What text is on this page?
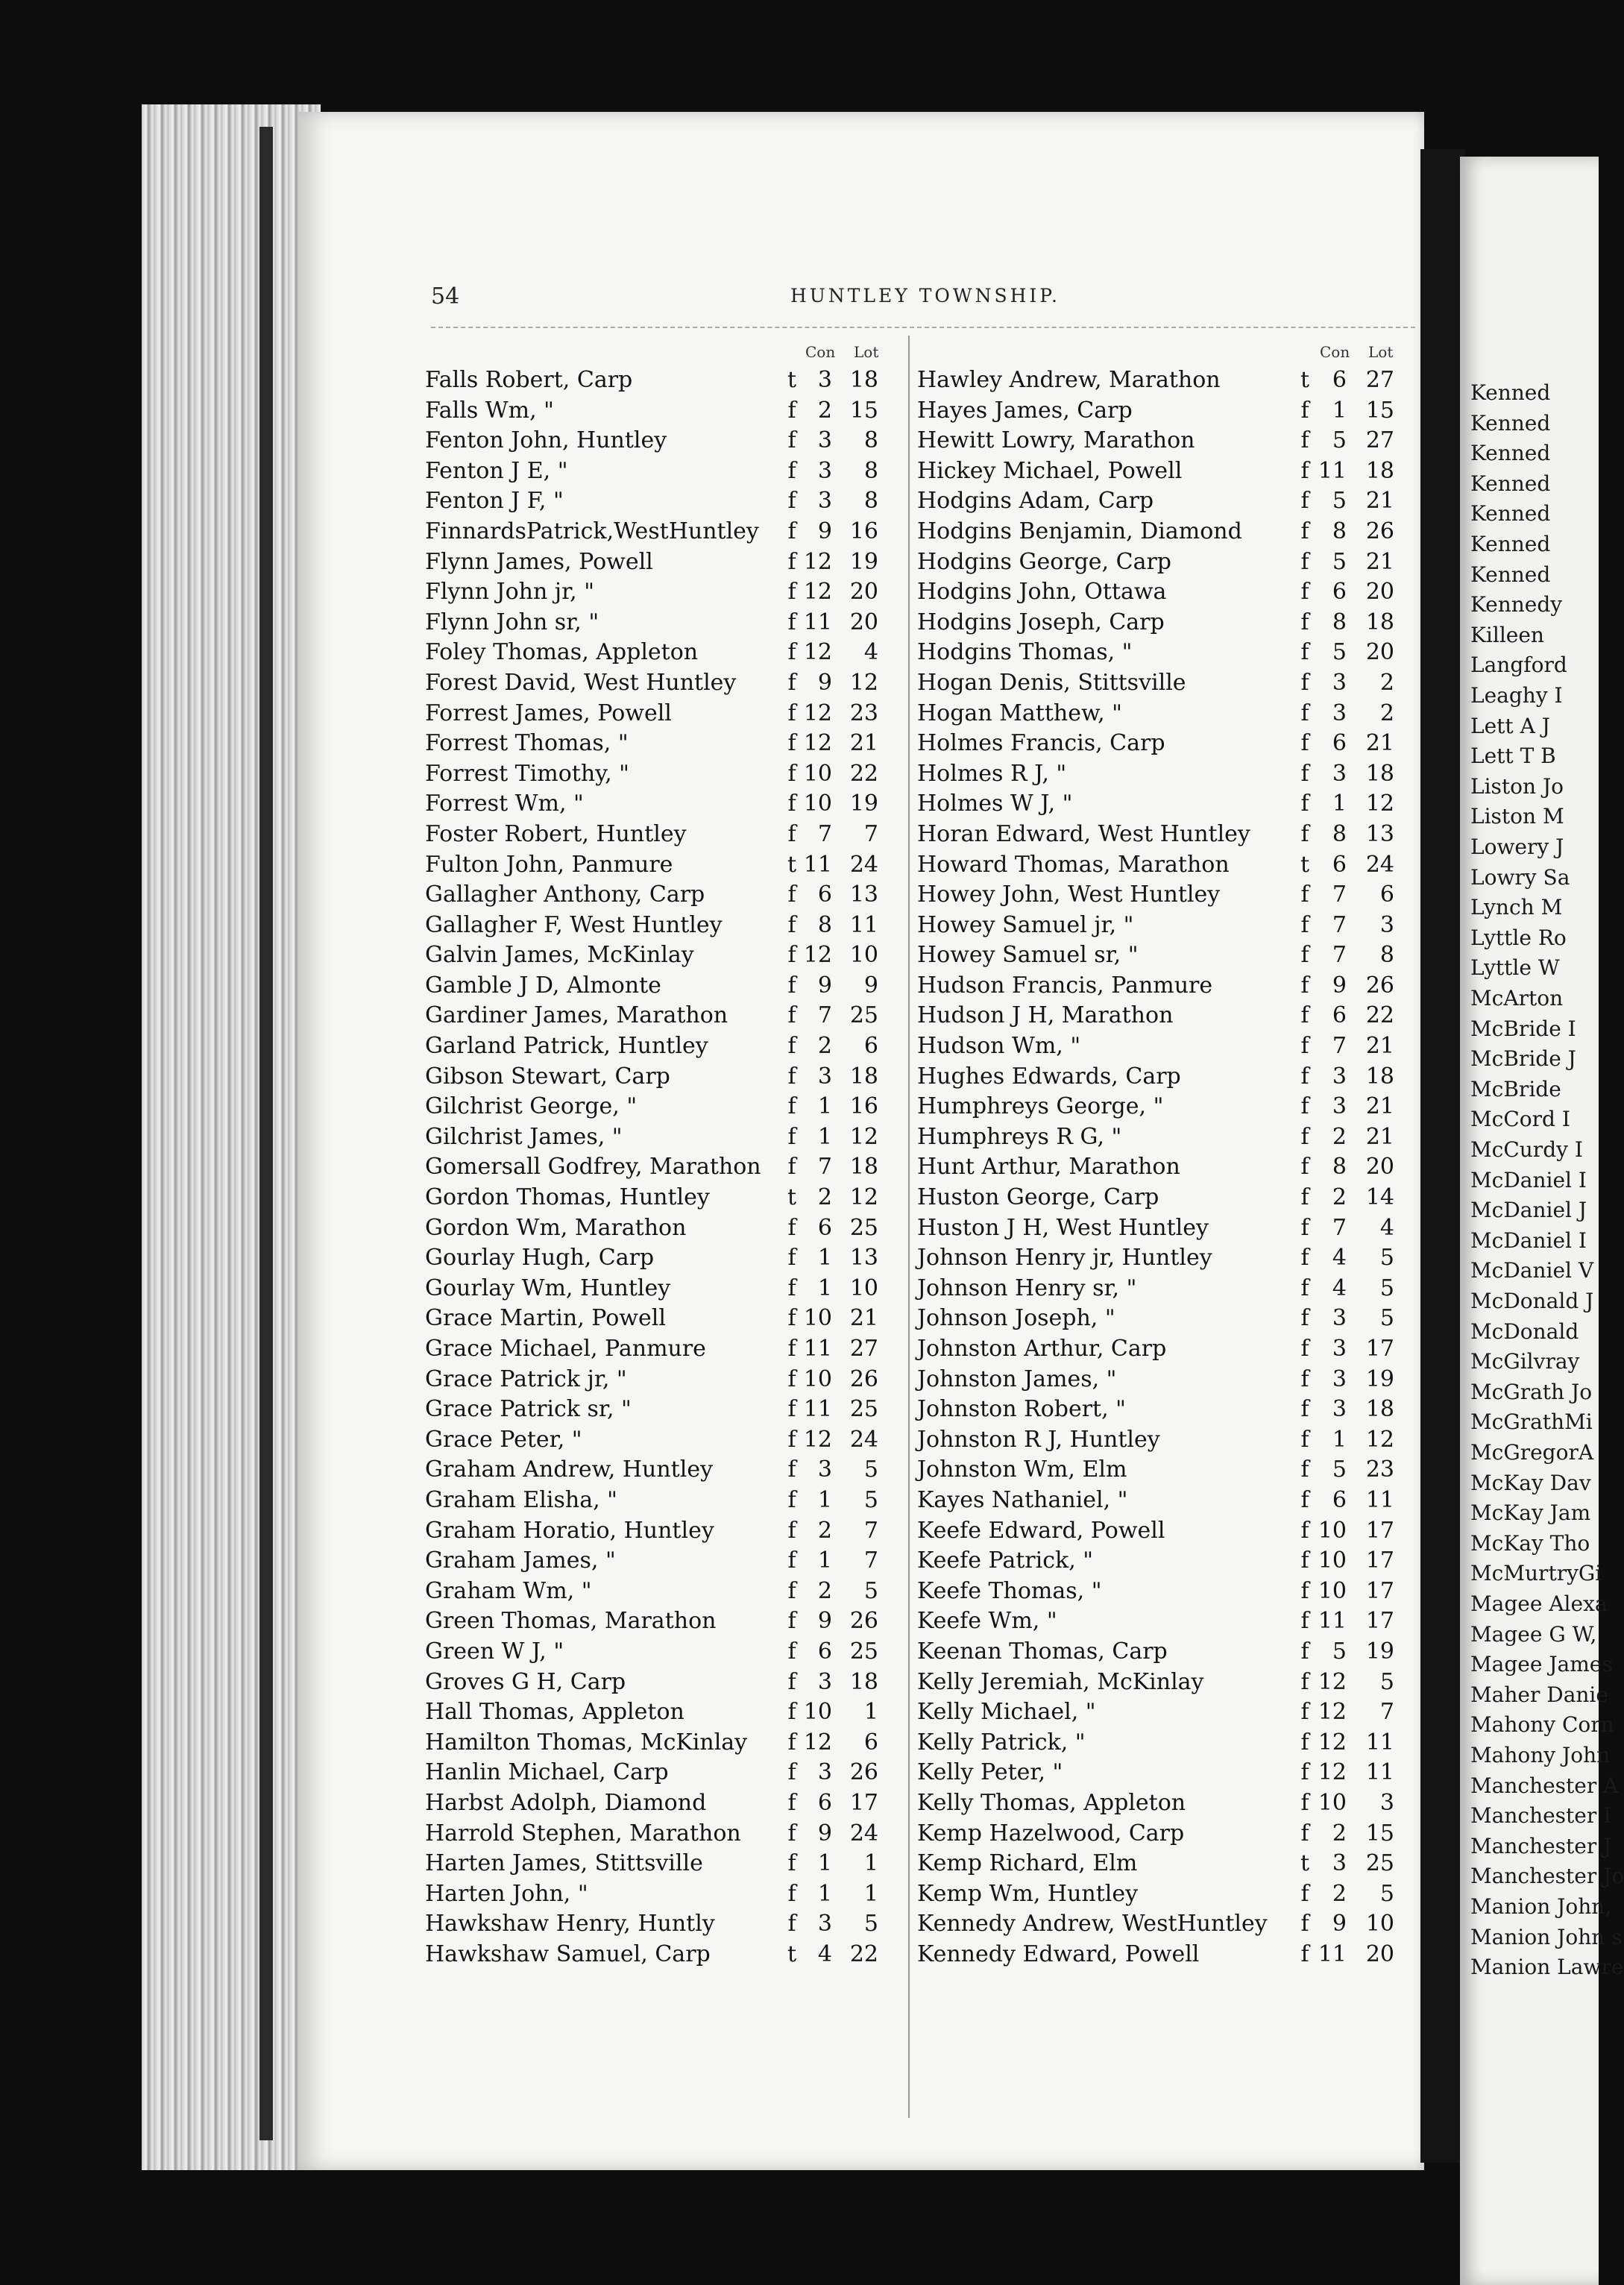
54	HUNTLEY TOWNSHIP.
Con Lot
Falls Robert, Carp	t 3 18
Falls Wm, "	f 2 15
Fenton John, Huntley	f 3	8
Fenton J E, "	f 3	8
Fenton J F, "	f 3	8
FinnardsPatrick,WestHuntley f 9 16
Flynn James, Powell	f 12 19
Flynn John jr, "	f 12 20
Flynn John sr, "	f 11 20
Foley Thomas, Appleton	f 12	4
Forest David, West Huntley f 9 12
Forrest James, Powell	f 12 23
Forrest Thomas, "	f 12 21
Forrest Timothy, "	f 10 22
Forrest Wm, "	f 10 19
Foster Robert, Huntley	f 7	7
Fulton John, Panmure	t 11 24
Gallagher Anthony, Carp	f 6 13
Gallagher F, West Huntley	f 8 11
Galvin James, McKinlay	f 12 10
Gamble J D, Almonte	f 9	9
Gardiner James, Marathon	f 7 25
Garland Patrick, Huntley	f 2	6
Gibson Stewart, Carp	f 3 18
Gilchrist George, "	f 1 16
Gilchrist James, "	f 1 12
Gomersall Godfrey, Marathon f 7 18
Gordon Thomas, Huntley	t 2 12
Gordon Wm, Marathon	f 6 25
Gourlay Hugh, Carp	f 1 13
Gourlay Wm, Huntley	f 1 10
Grace Martin, Powell	f 10 21
Grace Michael, Panmure	f 11 27
Grace Patrick jr, "	f 10 26
Grace Patrick sr, "	f 11 25
Grace Peter, "	f 12 24
Graham Andrew, Huntley	f 3	5
Graham Elisha, "	f 1	5
Graham Horatio, Huntley	f 2	7
Graham James, "	f 1	7
Graham Wm, "	f 2	5
Green Thomas, Marathon	f 9 26
Green W J, "	f 6 25
Groves G H, Carp	f 3 18
Hall Thomas, Appleton	f 10	1
Hamilton Thomas, McKinlay f 12	6
Hanlin Michael, Carp	f 3 26
Harbst Adolph, Diamond	f 6 17
Harrold Stephen, Marathon f 9 24
Harten James, Stittsville	f 1	1
Harten John, "	f 1	1
Hawkshaw Henry, Huntly	f 3	5
Hawkshaw Samuel, Carp	t 4 22
Con Lot
Hawley Andrew, Marathon	t	6 27
Hayes James, Carp	f	1 15
Hewitt Lowry, Marathon	f	5 27
Hickey Michael, Powell	f 11 18
Hodgins Adam, Carp	f	5 21
Hodgins Benjamin, Diamond	f	8 26
Hodgins George, Carp	f	5 21
Hodgins John, Ottawa	f	6 20
Hodgins Joseph, Carp	f	8 18
Hodgins Thomas, "	f	5 20
Hogan Denis, Stittsville	f	3	2
Hogan Matthew, "	f	3	2
Holmes Francis, Carp	f	6 21
Holmes R J, "	f	3 18
Holmes W J, "	f	1 12
Horan Edward, West Huntley f	8 13
Howard Thomas, Marathon	t	6 24
Howey John, West Huntley	f	7	6
Howey Samuel jr, "	f	7	3
Howey Samuel sr, "	f	7	8
Hudson Francis, Panmure	f	9 26
Hudson J H, Marathon	f	6 22
Hudson Wm, "	f	7 21
Hughes Edwards, Carp	f	3 18
Humphreys George, "	f	3 21
Humphreys R G, "	f	2 21
Hunt Arthur, Marathon	f	8 20
Huston George, Carp	f	2 14
Huston J H, West Huntley	f	7	4
Johnson Henry jr, Huntley	f	4	5
Johnson Henry sr, "	f	4	5
Johnson Joseph, "	f	3	5
Johnston Arthur, Carp	f	3 17
Johnston James, "	f	3 19
Johnston Robert, "	f	3 18
Johnston R J, Huntley	f	1 12
Johnston Wm, Elm	f	5 23
Kayes Nathaniel, "	f	6 11
Keefe Edward, Powell	f 10 17
Keefe Patrick, "	f 10 17
Keefe Thomas, "	f 10 17
Keefe Wm, "	f 11 17
Keenan Thomas, Carp	f	5 19
Kelly Jeremiah, McKinlay	f 12	5
Kelly Michael, "	f 12	7
Kelly Patrick, "	f 12 11
Kelly Peter, "	f 12 11
Kelly Thomas, Appleton	f 10	3
Kemp Hazelwood, Carp	f	2 15
Kemp Richard, Elm	t	3 25
Kemp Wm, Huntley	f	2	5
Kennedy Andrew, WestHuntley f	9 10
Kennedy Edward, Powell	f 11 20
Kenned
Kenned
Kenned
Kenned
Kenned
Kenned
Kenned
Kennedy
Killeen
Langford
Leaghy I
Lett A J
Lett T B
Liston Jo
Liston M
Lowery J
Lowry Sa
Lynch M
Lyttle Ro
Lyttle W
McArton
McBride I
McBride J
McBride
McCord I
McCurdy I
McDaniel I
McDaniel J
McDaniel I
McDaniel V
McDonald J
McDonald
McGilvray
McGrath Jo
McGrathMi
McGregorA
McKay Dav
McKay Jam
McKay Tho
McMurtryGi
Magee Alexa
Magee G W,
Magee James
Maher Danie
Mahony Corn
Mahony John
Manchester A
Manchester I
Manchester J
Manchester Jo
Manion John,
Manion John s
Manion Lawre
